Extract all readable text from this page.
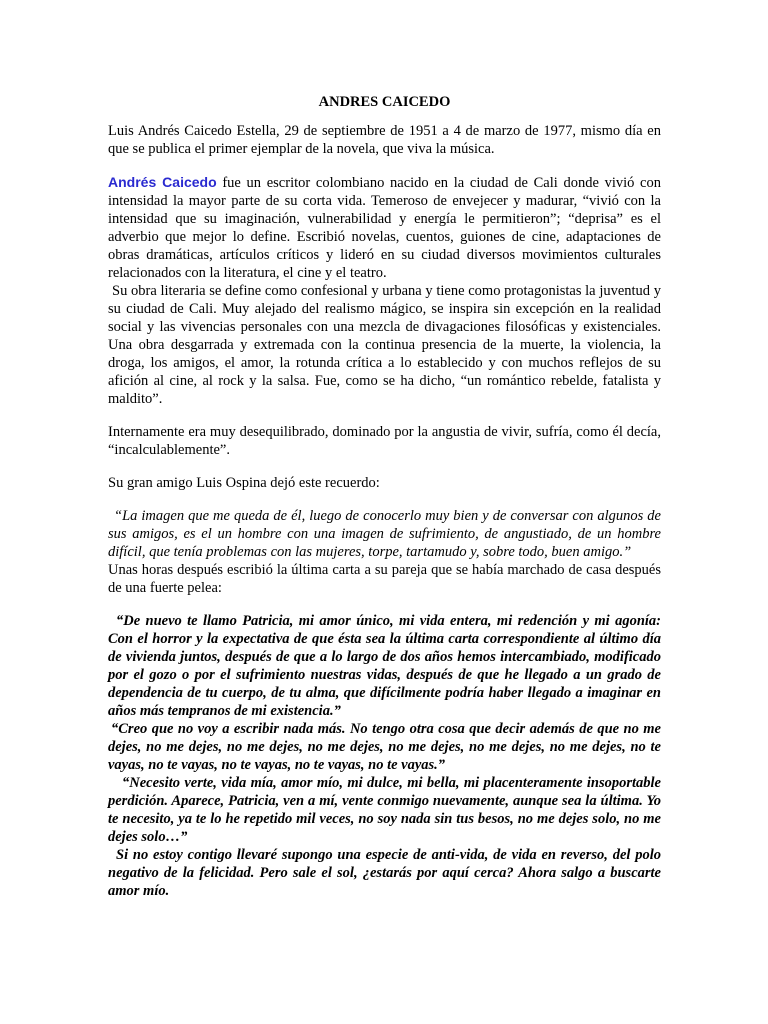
ANDRES CAICEDO

Luis Andrés Caicedo Estella, 29 de septiembre de 1951 a 4 de marzo de 1977, mismo día en que se publica el primer ejemplar de la novela, que viva la música.

Andrés Caicedo fue un escritor colombiano nacido en la ciudad de Cali donde vivió con intensidad la mayor parte de su corta vida. Temeroso de envejecer y madurar, “vivió con la intensidad que su imaginación, vulnerabilidad y energía le permitieron”; “deprisa” es el adverbio que mejor lo define. Escribió novelas, cuentos, guiones de cine, adaptaciones de obras dramáticas, artículos críticos y lideró en su ciudad diversos movimientos culturales relacionados con la literatura, el cine y el teatro.

Su obra literaria se define como confesional y urbana y tiene como protagonistas la juventud y su ciudad de Cali. Muy alejado del realismo mágico, se inspira sin excepción en la realidad social y las vivencias personales con una mezcla de divagaciones filosóficas y existenciales. Una obra desgarrada y extremada con la continua presencia de la muerte, la violencia, la droga, los amigos, el amor, la rotunda crítica a lo establecido y con muchos reflejos de su afición al cine, al rock y la salsa. Fue, como se ha dicho, “un romántico rebelde, fatalista y maldito”.

Internamente era muy desequilibrado, dominado por la angustia de vivir, sufría, como él decía, “incalculablemente”.

Su gran amigo Luis Ospina dejó este recuerdo:

“La imagen que me queda de él, luego de conocerlo muy bien y de conversar con algunos de sus amigos, es el un hombre con una imagen de sufrimiento, de angustiado, de un hombre difícil, que tenía problemas con las mujeres, torpe, tartamudo y, sobre todo, buen amigo.”

Unas horas después escribió la última carta a su pareja que se había marchado de casa después de una fuerte pelea:

“De nuevo te llamo Patricia, mi amor único, mi vida entera, mi redención y mi agonía: Con el horror y la expectativa de que ésta sea la última carta correspondiente al último día de vivienda juntos, después de que a lo largo de dos años hemos intercambiado, modificado por el gozo o por el sufrimiento nuestras vidas, después de que he llegado a un grado de dependencia de tu cuerpo, de tu alma, que difícilmente podría haber llegado a imaginar en años más tempranos de mi existencia.”

“Creo que no voy a escribir nada más. No tengo otra cosa que decir además de que no me dejes, no me dejes, no me dejes, no me dejes, no me dejes, no me dejes, no me dejes, no te vayas, no te vayas, no te vayas, no te vayas, no te vayas.”

“Necesito verte, vida mía, amor mío, mi dulce, mi bella, mi placenteramente insoportable perdición. Aparece, Patricia, ven a mí, vente conmigo nuevamente, aunque sea la última. Yo te necesito, ya te lo he repetido mil veces, no soy nada sin tus besos, no me dejes solo, no me dejes solo…”

Si no estoy contigo llevaré supongo una especie de anti-vida, de vida en reverso, del polo negativo de la felicidad. Pero sale el sol, ¿estarás por aquí cerca? Ahora salgo a buscarte amor mío.
